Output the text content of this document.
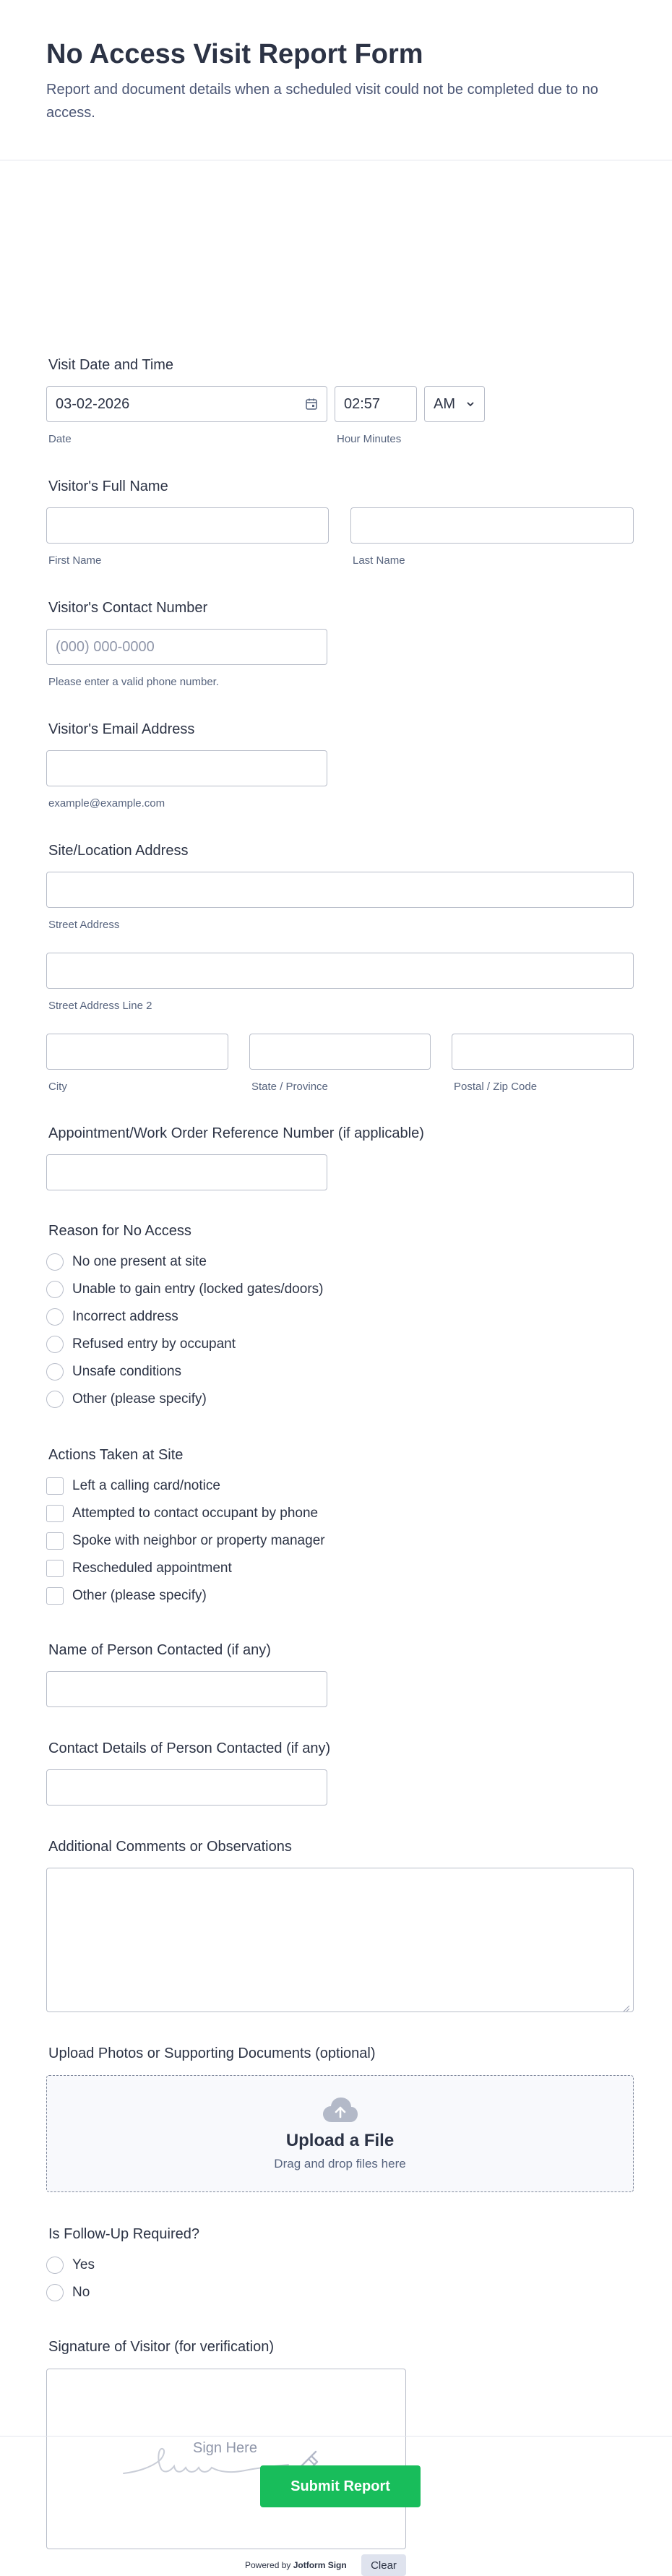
No Access Visit Report Form

Report and document details when a scheduled visit could not be completed due to no access.

Visit Date and Time
03-02-2026
Date
02:57	AM
Hour Minutes
Visitor's Full Name
First Name	Last Name
Visitor's Contact Number
(000) 000-0000
Please enter a valid phone number.
Visitor's Email Address
example@example.com
Site/Location Address
Street Address
Street Address Line 2
City	State / Province	Postal / Zip Code
Appointment/Work Order Reference Number (if applicable)
Reason for No Access
No one present at site
Unable to gain entry (locked gates/doors)
Incorrect address
Refused entry by occupant
Unsafe conditions
Other (please specify)
Actions Taken at Site
Left a calling card/notice
Attempted to contact occupant by phone
Spoke with neighbor or property manager
Rescheduled appointment
Other (please specify)
Name of Person Contacted (if any)
Contact Details of Person Contacted (if any)
Additional Comments or Observations
Upload Photos or Supporting Documents (optional)
Upload a File
Drag and drop files here
Is Follow-Up Required?
Yes
No
Signature of Visitor (for verification)
Sign Here
Powered by Jotform Sign	Clear
Submit Report
